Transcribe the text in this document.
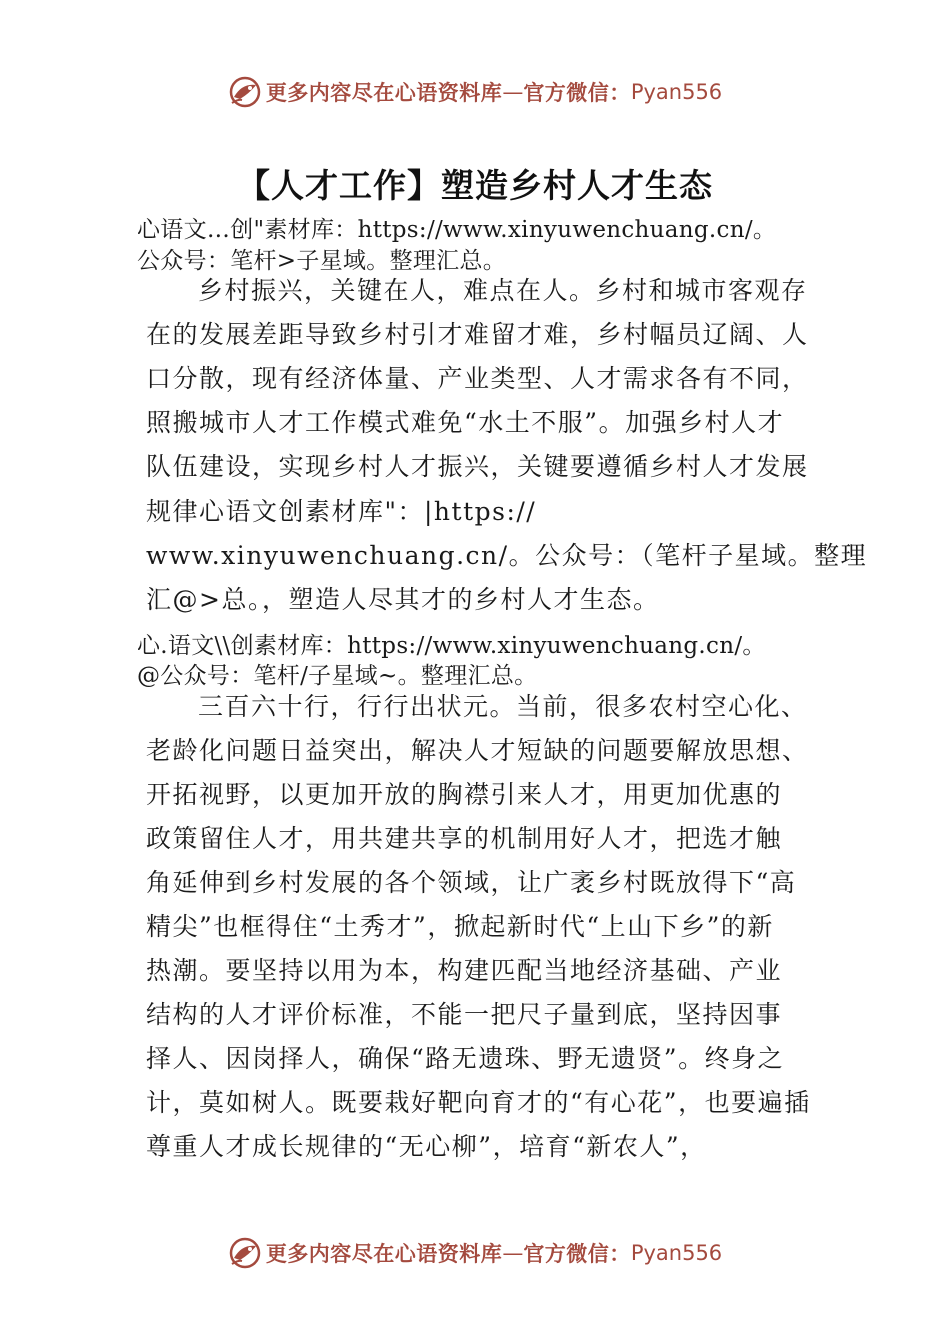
更多内容尽在心语资料库 — 官方微信： Pyan556
【人才工作】塑造乡村人才生态
心语文…创"素材库：https://www.xinyuwenchuang.cn/。
公众号：笔杆>子星域。整理汇总。
乡村振兴，关键在人，难点在人。乡村和城市客观存
在的发展差距导致乡村引才难留才难，乡村幅员辽阔、人
口分散，现有经济体量、产业类型、人才需求各有不同，
照搬城市人才工作模式难免“水土不服”。加强乡村人才
队伍建设，实现乡村人才振兴，关键要遵循乡村人才发展
规律心语文创素材库"：|https://
www.xinyuwenchuang.cn/。公众号：（笔杆子星域。整理
汇@>总。，塑造人尽其才的乡村人才生态。
心.语文\\创素材库：https://www.xinyuwenchuang.cn/。
@公众号：笔杆/子星域~。整理汇总。
三百六十行，行行出状元。当前，很多农村空心化、
老龄化问题日益突出，解决人才短缺的问题要解放思想、
开拓视野，以更加开放的胸襟引来人才，用更加优惠的
政策留住人才，用共建共享的机制用好人才，把选才触
角延伸到乡村发展的各个领域，让广袤乡村既放得下“高
精尖”也框得住“土秀才”，掀起新时代“上山下乡”的新
热潮。要坚持以用为本，构建匹配当地经济基础、产业
结构的人才评价标准，不能一把尺子量到底，坚持因事
择人、因岗择人，确保“路无遗珠、野无遗贤”。终身之
计，莫如树人。既要栽好靶向育才的“有心花”，也要遍插
尊重人才成长规律的“无心柳”，培育“新农人”，
更多内容尽在心语资料库 — 官方微信： Pyan556
